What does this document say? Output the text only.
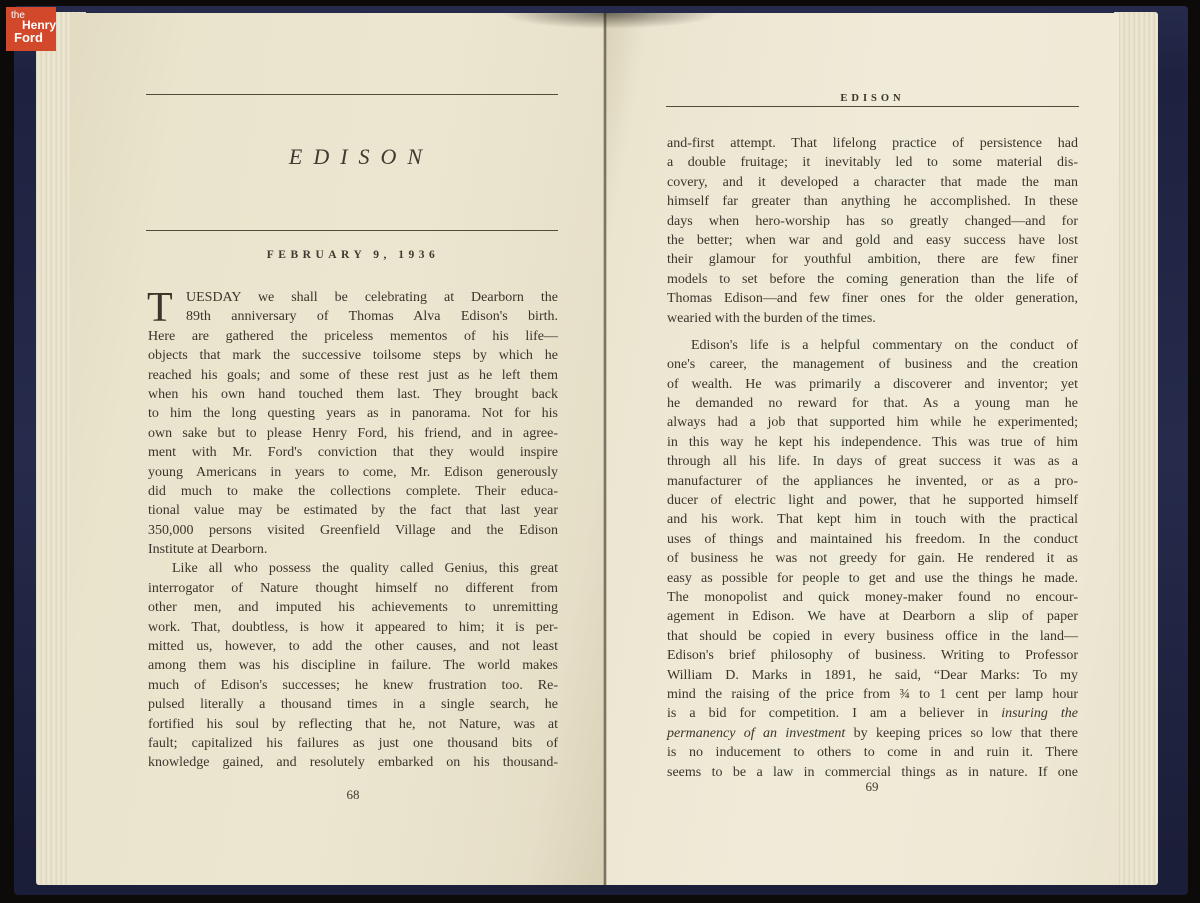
the
Henry
Ford
EDISON
FEBRUARY 9, 1936
EDISON
T UESDAY we shall be celebrating at Dearborn the
89th anniversary of Thomas Alva Edison's birth.
Here are gathered the priceless mementos of his life—
objects that mark the successive toilsome steps by which he
reached his goals; and some of these rest just as he left them
when his own hand touched them last. They brought back
to him the long questing years as in panorama. Not for his
own sake but to please Henry Ford, his friend, and in agree-
ment with Mr. Ford's conviction that they would inspire
young Americans in years to come, Mr. Edison generously
did much to make the collections complete. Their educa-
tional value may be estimated by the fact that last year
350,000 persons visited Greenfield Village and the Edison
Institute at Dearborn.
Like all who possess the quality called Genius, this great
interrogator of Nature thought himself no different from
other men, and imputed his achievements to unremitting
work. That, doubtless, is how it appeared to him; it is per-
mitted us, however, to add the other causes, and not least
among them was his discipline in failure. The world makes
much of Edison's successes; he knew frustration too. Re-
pulsed literally a thousand times in a single search, he
fortified his soul by reflecting that he, not Nature, was at
fault; capitalized his failures as just one thousand bits of
knowledge gained, and resolutely embarked on his thousand-
and-first attempt. That lifelong practice of persistence had
a double fruitage; it inevitably led to some material dis-
covery, and it developed a character that made the man
himself far greater than anything he accomplished. In these
days when hero-worship has so greatly changed—and for
the better; when war and gold and easy success have lost
their glamour for youthful ambition, there are few finer
models to set before the coming generation than the life of
Thomas Edison—and few finer ones for the older generation,
wearied with the burden of the times.
Edison's life is a helpful commentary on the conduct of
one's career, the management of business and the creation
of wealth. He was primarily a discoverer and inventor; yet
he demanded no reward for that. As a young man he
always had a job that supported him while he experimented;
in this way he kept his independence. This was true of him
through all his life. In days of great success it was as a
manufacturer of the appliances he invented, or as a pro-
ducer of electric light and power, that he supported himself
and his work. That kept him in touch with the practical
uses of things and maintained his freedom. In the conduct
of business he was not greedy for gain. He rendered it as
easy as possible for people to get and use the things he made.
The monopolist and quick money-maker found no encour-
agement in Edison. We have at Dearborn a slip of paper
that should be copied in every business office in the land—
Edison's brief philosophy of business. Writing to Professor
William D. Marks in 1891, he said, “Dear Marks: To my
mind the raising of the price from ¾ to 1 cent per lamp hour
is a bid for competition. I am a believer in insuring the
permanency of an investment by keeping prices so low that there
is no inducement to others to come in and ruin it. There
seems to be a law in commercial things as in nature. If one
68
69
